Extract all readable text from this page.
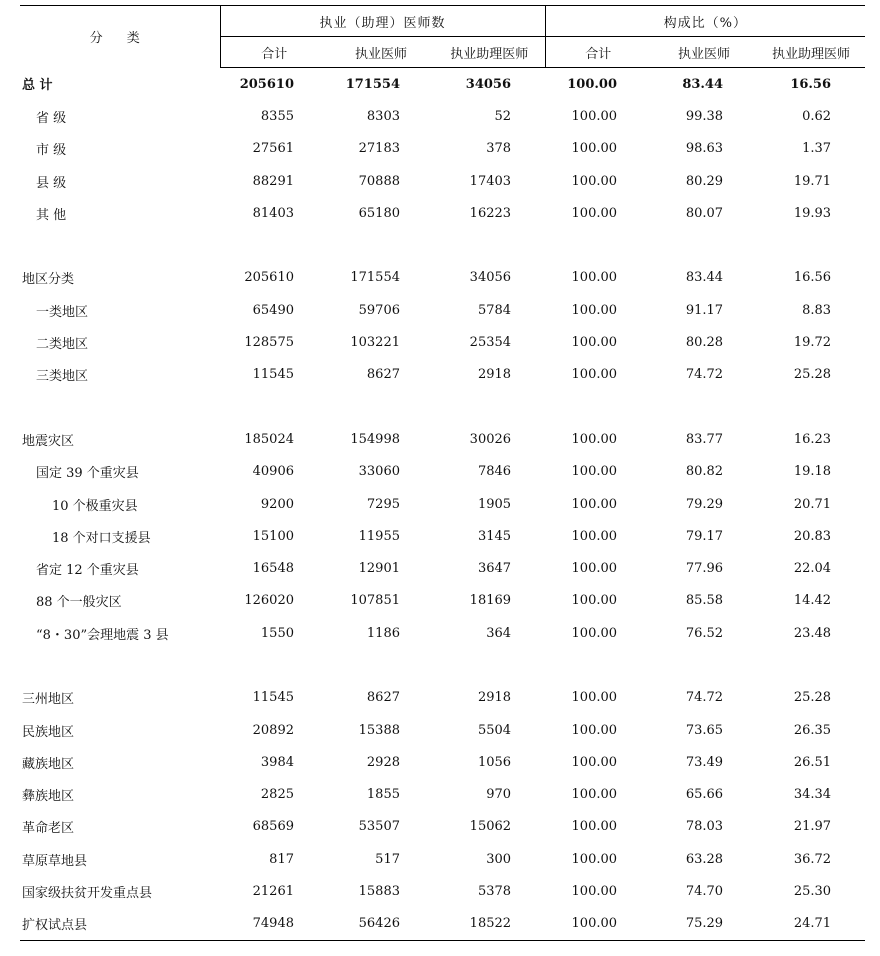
分 类	执业（助理）医师数			构成比（%）		
	合计	执业医师	执业助理医师	合计	执业医师	执业助理医师
总 计	205610	171554	34056	100.00	83.44	16.56
省 级	8355	8303	52	100.00	99.38	0.62
市 级	27561	27183	378	100.00	98.63	1.37
县 级	88291	70888	17403	100.00	80.29	19.71
其 他	81403	65180	16223	100.00	80.07	19.93

地区分类	205610	171554	34056	100.00	83.44	16.56
一类地区	65490	59706	5784	100.00	91.17	8.83
二类地区	128575	103221	25354	100.00	80.28	19.72
三类地区	11545	8627	2918	100.00	74.72	25.28

地震灾区	185024	154998	30026	100.00	83.77	16.23
国定 39 个重灾县	40906	33060	7846	100.00	80.82	19.18
10 个极重灾县	9200	7295	1905	100.00	79.29	20.71
18 个对口支援县	15100	11955	3145	100.00	79.17	20.83
省定 12 个重灾县	16548	12901	3647	100.00	77.96	22.04
88 个一般灾区	126020	107851	18169	100.00	85.58	14.42
“8・30”会理地震 3 县	1550	1186	364	100.00	76.52	23.48

三州地区	11545	8627	2918	100.00	74.72	25.28
民族地区	20892	15388	5504	100.00	73.65	26.35
藏族地区	3984	2928	1056	100.00	73.49	26.51
彝族地区	2825	1855	970	100.00	65.66	34.34
革命老区	68569	53507	15062	100.00	78.03	21.97
草原草地县	817	517	300	100.00	63.28	36.72
国家级扶贫开发重点县	21261	15883	5378	100.00	74.70	25.30
扩权试点县	74948	56426	18522	100.00	75.29	24.71
